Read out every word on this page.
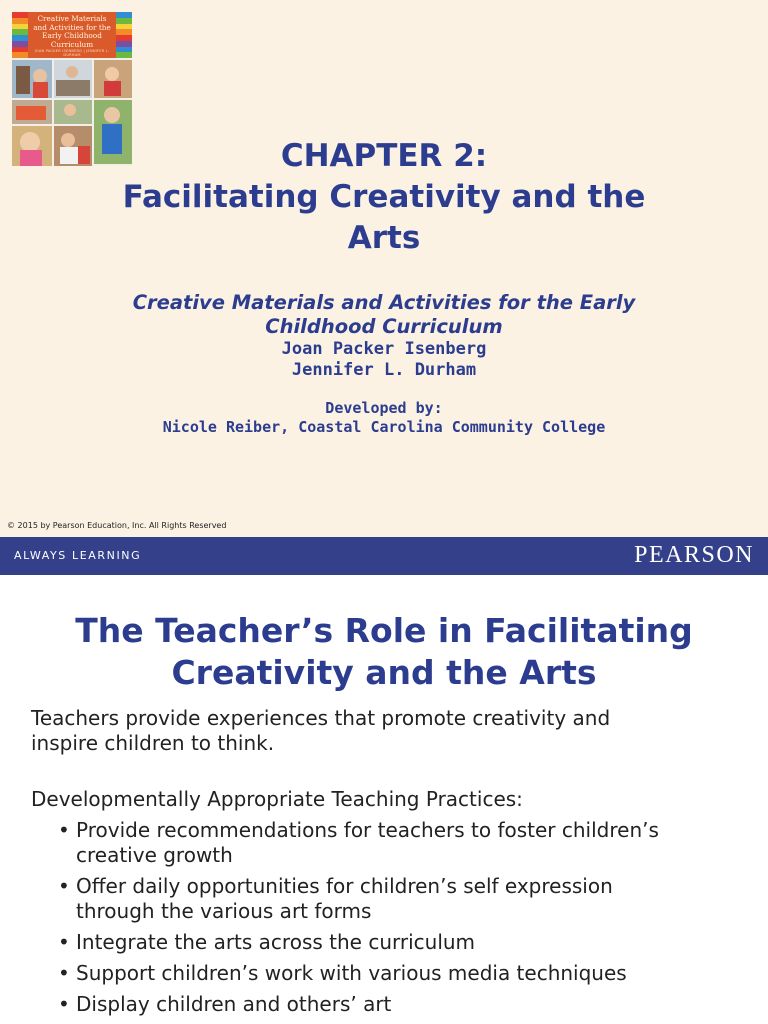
Creative Materials and Activities for the Early Childhood Curriculum
JOAN PACKER ISENBERG | JENNIFER L. DURHAM
CHAPTER 2:
Facilitating Creativity and the
Arts
Creative Materials and Activities for the Early
Childhood Curriculum
Joan Packer Isenberg
Jennifer L. Durham
Developed by:
Nicole Reiber, Coastal Carolina Community College
© 2015 by Pearson Education, Inc. All Rights Reserved
ALWAYS LEARNING	PEARSON
The Teacher’s Role in Facilitating
Creativity and the Arts
Teachers provide experiences that promote creativity and
inspire children to think.
Developmentally Appropriate Teaching Practices:
• Provide recommendations for teachers to foster children’s
creative growth
• Offer daily opportunities for children’s self expression
through the various art forms
• Integrate the arts across the curriculum
• Support children’s work with various media techniques
• Display children and others’ art
